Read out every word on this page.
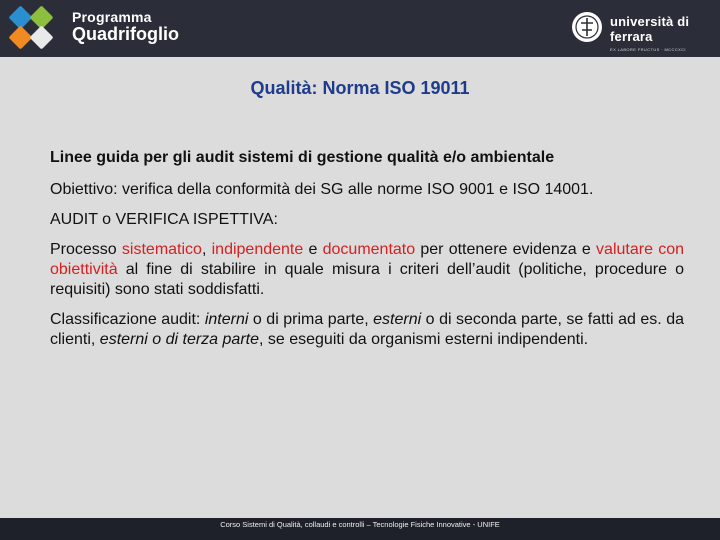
Programma
Quadrifoglio
università di ferrara
EX LABORE FRUCTUS · MCCCXCI
Qualità: Norma ISO 19011

Linee guida per gli audit sistemi di gestione qualità e/o ambientale

Obiettivo: verifica della conformità dei SG alle norme ISO 9001 e ISO 14001.

AUDIT o VERIFICA ISPETTIVA:

Processo sistematico, indipendente e documentato per ottenere evidenza e valutare con obiettività al fine di stabilire in quale misura i criteri dell’audit (politiche, procedure o requisiti) sono stati soddisfatti.

Classificazione audit: interni o di prima parte, esterni o di seconda parte, se fatti ad es. da clienti, esterni o di terza parte, se eseguiti da organismi esterni indipendenti.

Corso Sistemi di Qualità, collaudi e controlli – Tecnologie Fisiche Innovative - UNIFE
